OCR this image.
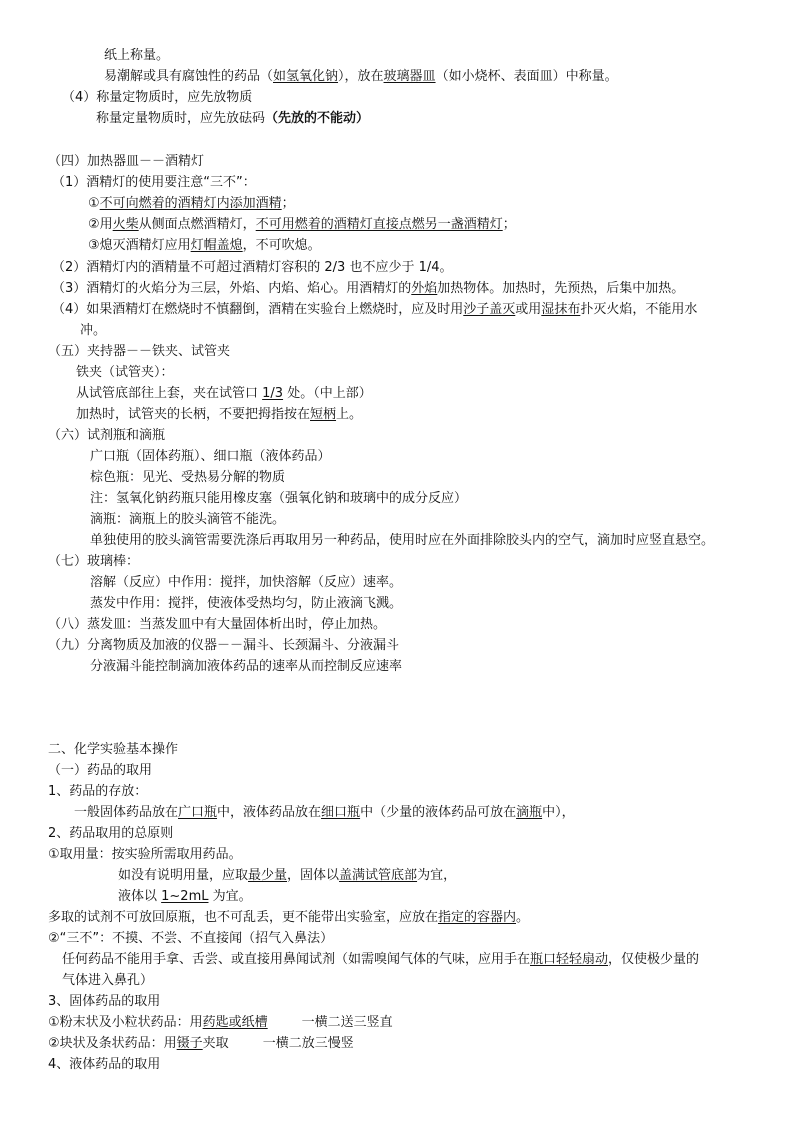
纸上称量。
易潮解或具有腐蚀性的药品（如氢氧化钠），放在玻璃器皿（如小烧杯、表面皿）中称量。
（4）称量定物质时，应先放物质
称量定量物质时，应先放砝码（先放的不能动）
（四）加热器皿－－酒精灯
（1）酒精灯的使用要注意“三不”：
①不可向燃着的酒精灯内添加酒精；
②用火柴从侧面点燃酒精灯，不可用燃着的酒精灯直接点燃另一盏酒精灯；
③熄灭酒精灯应用灯帽盖熄，不可吹熄。
（2）酒精灯内的酒精量不可超过酒精灯容积的 2/3 也不应少于 1/4。
（3）酒精灯的火焰分为三层，外焰、内焰、焰心。用酒精灯的外焰加热物体。加热时，先预热，后集中加热。
（4）如果酒精灯在燃烧时不慎翻倒，酒精在实验台上燃烧时，应及时用沙子盖灭或用湿抹布扑灭火焰，不能用水
冲。
（五）夹持器－－铁夹、试管夹
铁夹（试管夹）：
从试管底部往上套，夹在试管口 1/3 处。（中上部）
加热时，试管夹的长柄，不要把拇指按在短柄上。
（六）试剂瓶和滴瓶
广口瓶（固体药瓶）、细口瓶（液体药品）
棕色瓶：见光、受热易分解的物质
注：氢氧化钠药瓶只能用橡皮塞（强氧化钠和玻璃中的成分反应）
滴瓶：滴瓶上的胶头滴管不能洗。
单独使用的胶头滴管需要洗涤后再取用另一种药品，使用时应在外面排除胶头内的空气，滴加时应竖直悬空。
（七）玻璃棒：
溶解（反应）中作用：搅拌，加快溶解（反应）速率。
蒸发中作用：搅拌，使液体受热均匀，防止液滴飞溅。
（八）蒸发皿：当蒸发皿中有大量固体析出时，停止加热。
（九）分离物质及加液的仪器－－漏斗、长颈漏斗、分液漏斗
分液漏斗能控制滴加液体药品的速率从而控制反应速率
二、化学实验基本操作
（一）药品的取用
1、药品的存放：
一般固体药品放在广口瓶中，液体药品放在细口瓶中（少量的液体药品可放在滴瓶中），
2、药品取用的总原则
①取用量：按实验所需取用药品。
如没有说明用量，应取最少量，固体以盖满试管底部为宜，
液体以 1~2mL 为宜。
多取的试剂不可放回原瓶，也不可乱丢，更不能带出实验室，应放在指定的容器内。
②“三不”：不摸、不尝、不直接闻（招气入鼻法）
任何药品不能用手拿、舌尝、或直接用鼻闻试剂（如需嗅闻气体的气味，应用手在瓶口轻轻扇动，仅使极少量的
气体进入鼻孔）
3、固体药品的取用
①粉末状及小粒状药品：用药匙或纸槽	一横二送三竖直
②块状及条状药品：用镊子夹取	一横二放三慢竖
4、液体药品的取用
